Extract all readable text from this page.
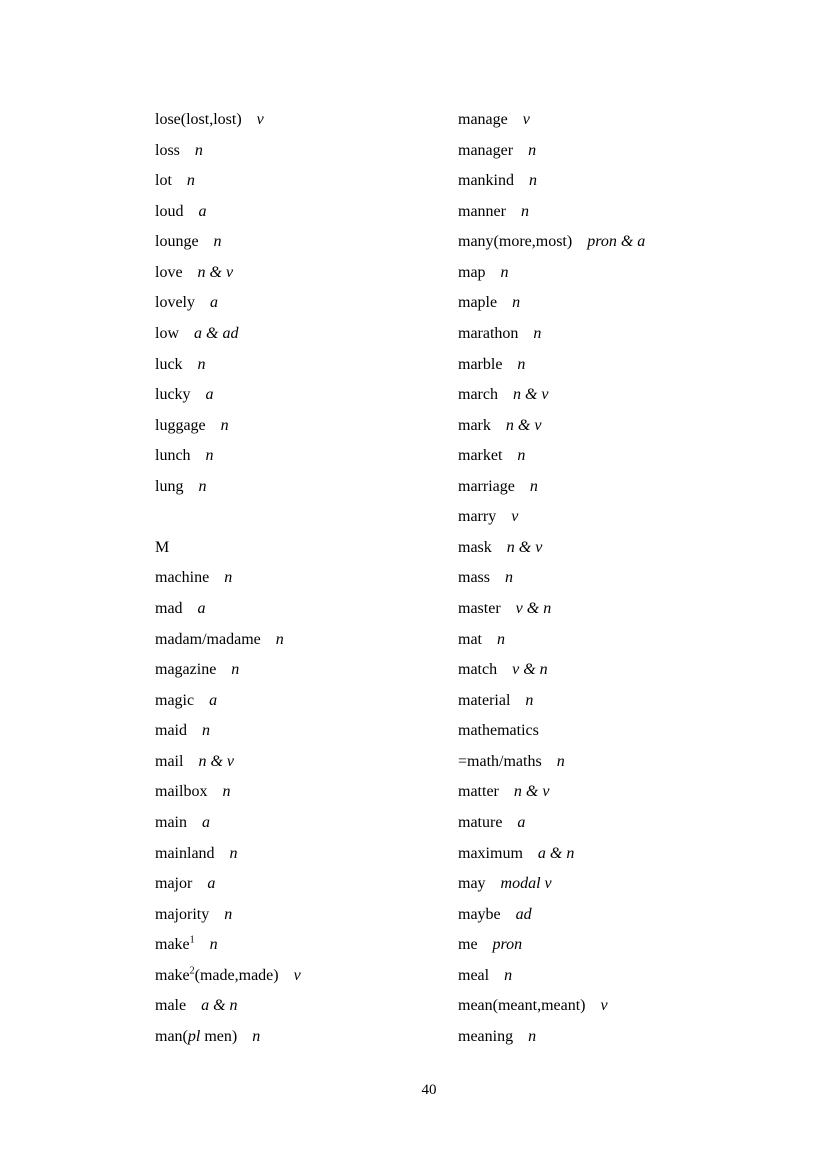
lose(lost,lost) v
loss n
lot n
loud a
lounge n
love n & v
lovely a
low a & ad
luck n
lucky a
luggage n
lunch n
lung n
M
machine n
mad a
madam/madame n
magazine n
magic a
maid n
mail n & v
mailbox n
main a
mainland n
major a
majority n
make$^1$ n
make$^2$(made,made) v
male a & n
man(pl men) n
manage v
manager n
mankind n
manner n
many(more,most) pron & a
map n
maple n
marathon n
marble n
march n & v
mark n & v
market n
marriage n
marry v
mask n & v
mass n
master v & n
mat n
match v & n
material n
mathematics
=math/maths n
matter n & v
mature a
maximum a & n
may modal v
maybe ad
me pron
meal n
mean(meant,meant) v
meaning n
40
